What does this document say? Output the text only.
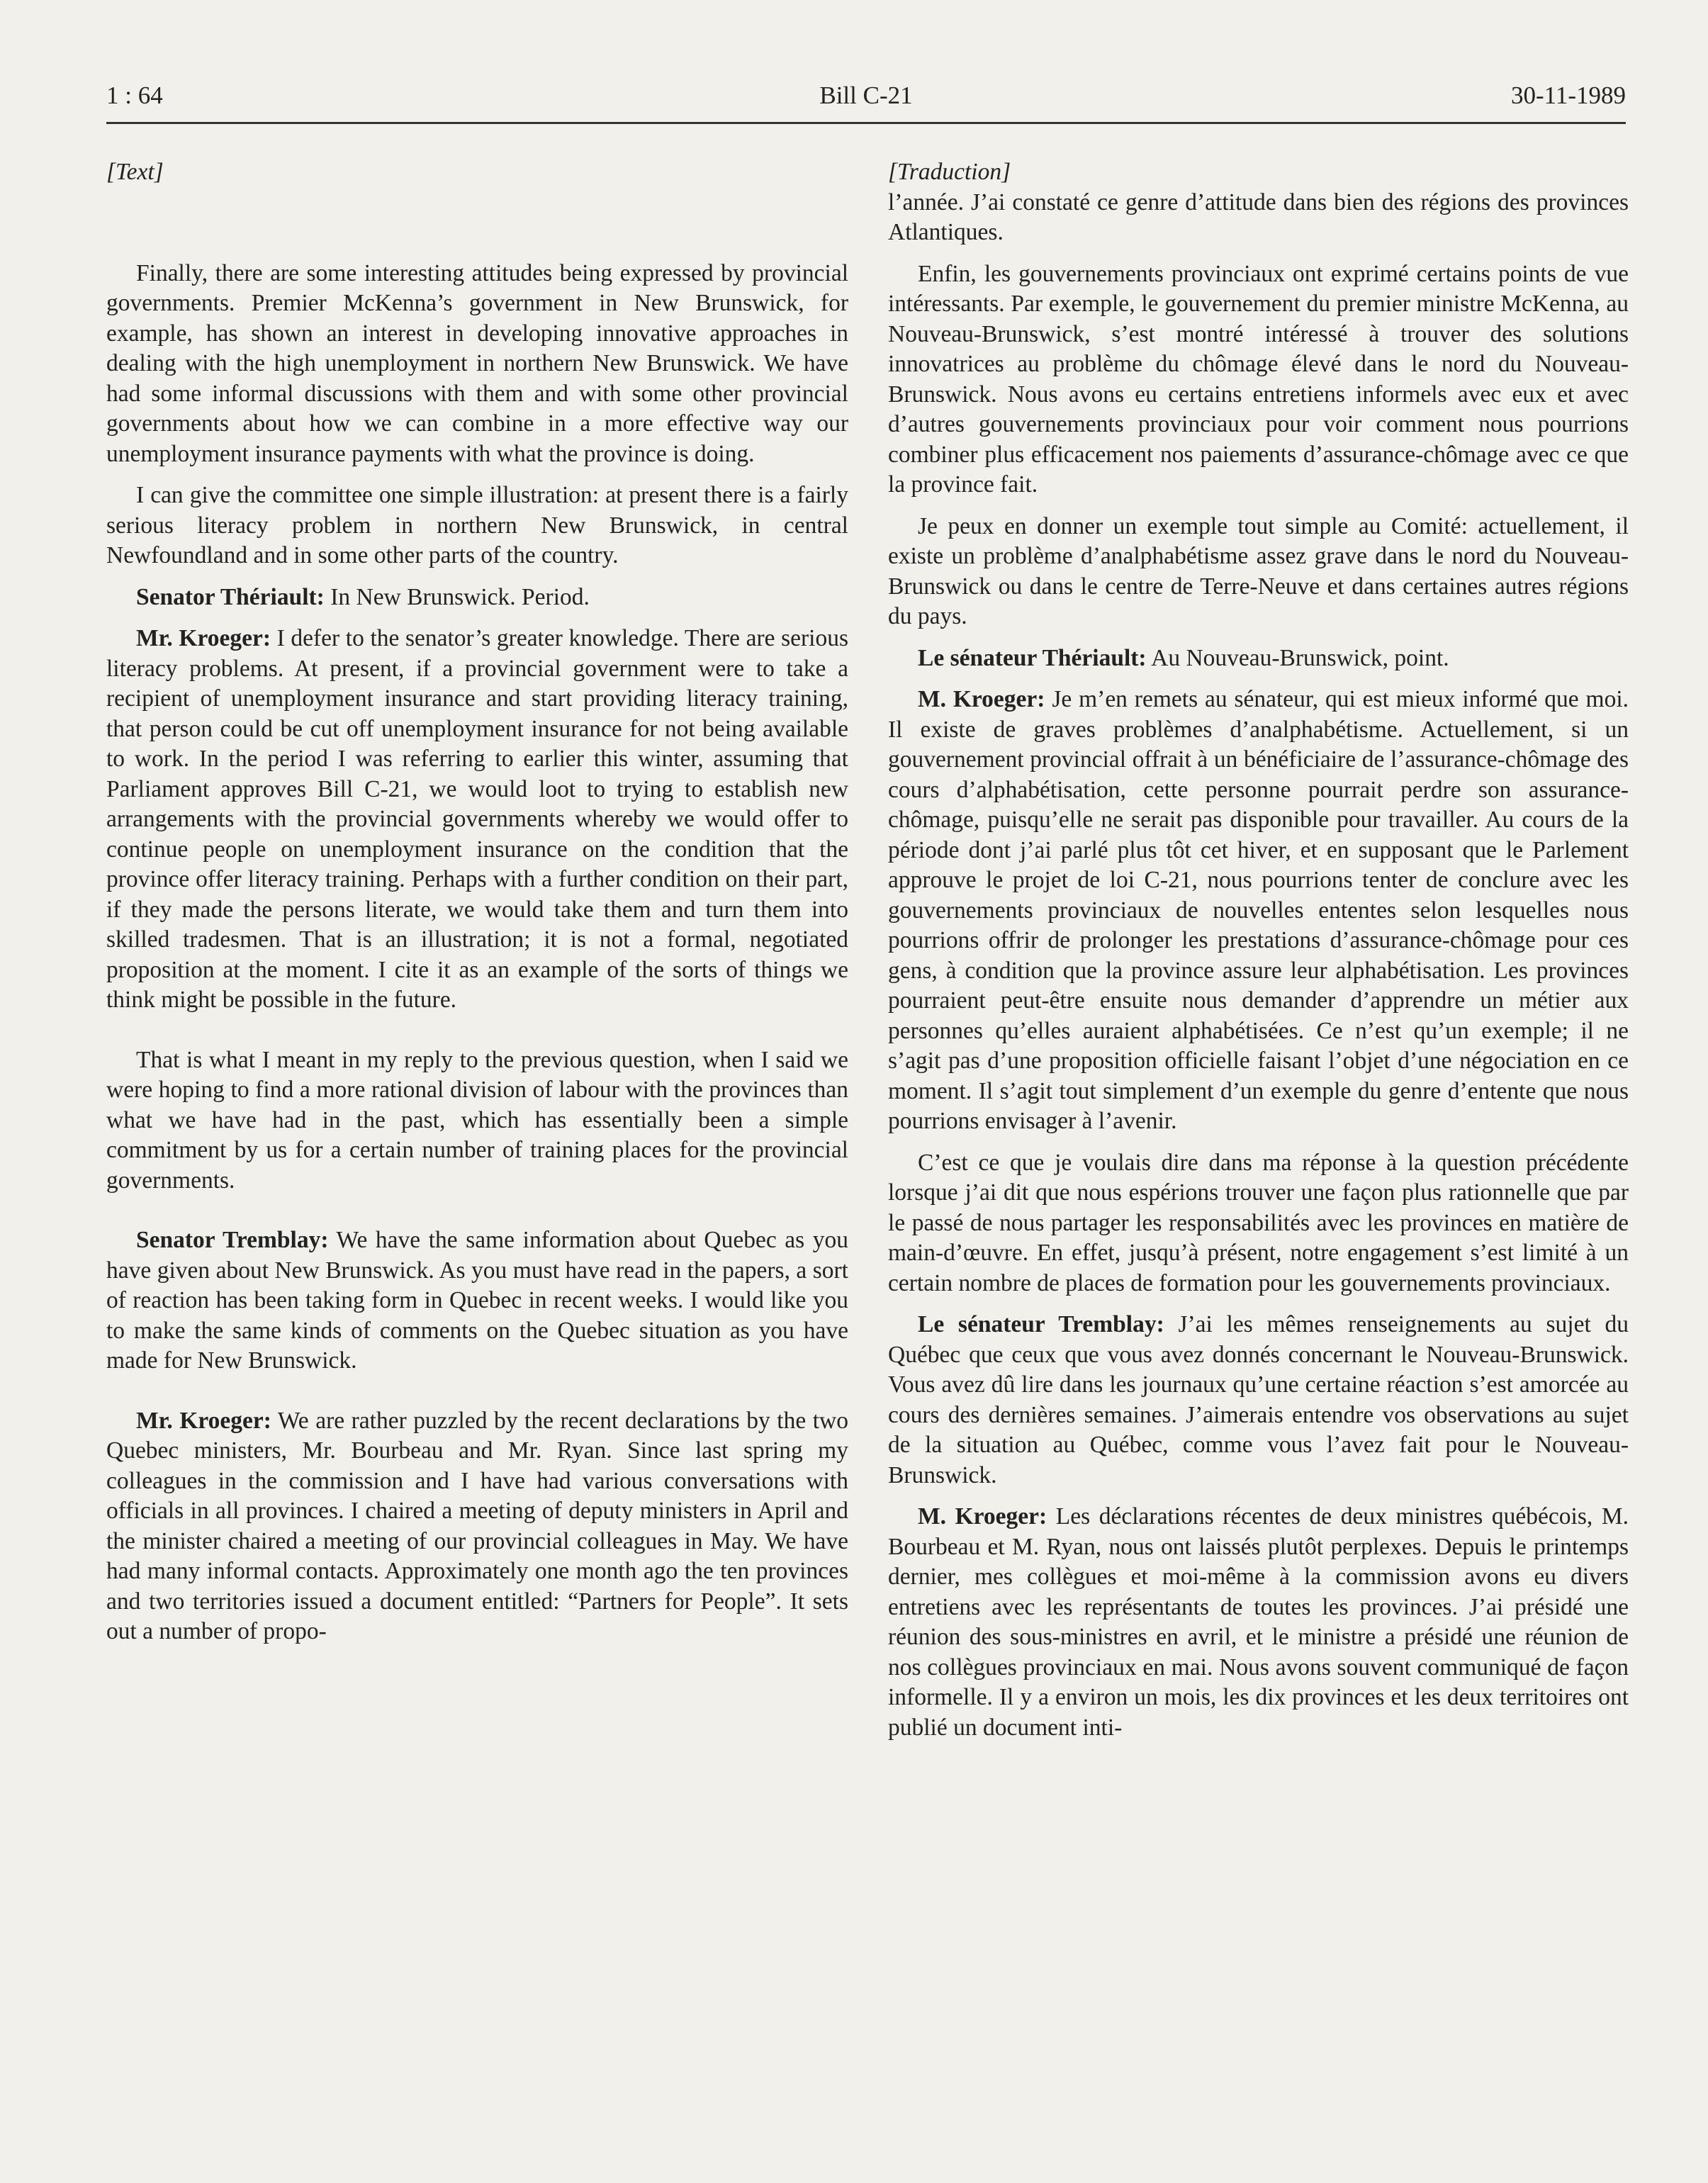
1 : 64	Bill C-21	30-11-1989

[Text]

Finally, there are some interesting attitudes being expressed by provincial governments. Premier McKenna’s government in New Brunswick, for example, has shown an interest in developing innovative approaches in dealing with the high unemployment in northern New Brunswick. We have had some informal discussions with them and with some other provincial governments about how we can combine in a more effective way our unemployment insurance payments with what the province is doing.

I can give the committee one simple illustration: at present there is a fairly serious literacy problem in northern New Brunswick, in central Newfoundland and in some other parts of the country.

Senator Thériault: In New Brunswick. Period.

Mr. Kroeger: I defer to the senator’s greater knowledge. There are serious literacy problems. At present, if a provincial government were to take a recipient of unemployment insurance and start providing literacy training, that person could be cut off unemployment insurance for not being available to work. In the period I was referring to earlier this winter, assuming that Parliament approves Bill C-21, we would loot to trying to establish new arrangements with the provincial governments whereby we would offer to continue people on unemployment insurance on the condition that the province offer literacy training. Perhaps with a further condition on their part, if they made the persons literate, we would take them and turn them into skilled tradesmen. That is an illustration; it is not a formal, negotiated proposition at the moment. I cite it as an example of the sorts of things we think might be possible in the future.

That is what I meant in my reply to the previous question, when I said we were hoping to find a more rational division of labour with the provinces than what we have had in the past, which has essentially been a simple commitment by us for a certain number of training places for the provincial governments.

Senator Tremblay: We have the same information about Quebec as you have given about New Brunswick. As you must have read in the papers, a sort of reaction has been taking form in Quebec in recent weeks. I would like you to make the same kinds of comments on the Quebec situation as you have made for New Brunswick.

Mr. Kroeger: We are rather puzzled by the recent declarations by the two Quebec ministers, Mr. Bourbeau and Mr. Ryan. Since last spring my colleagues in the commission and I have had various conversations with officials in all provinces. I chaired a meeting of deputy ministers in April and the minister chaired a meeting of our provincial colleagues in May. We have had many informal contacts. Approximately one month ago the ten provinces and two territories issued a document entitled: “Partners for People”. It sets out a number of propo-

[Traduction]

l’année. J’ai constaté ce genre d’attitude dans bien des régions des provinces Atlantiques.

Enfin, les gouvernements provinciaux ont exprimé certains points de vue intéressants. Par exemple, le gouvernement du premier ministre McKenna, au Nouveau-Brunswick, s’est montré intéressé à trouver des solutions innovatrices au problème du chômage élevé dans le nord du Nouveau-Brunswick. Nous avons eu certains entretiens informels avec eux et avec d’autres gouvernements provinciaux pour voir comment nous pourrions combiner plus efficacement nos paiements d’assurance-chômage avec ce que la province fait.

Je peux en donner un exemple tout simple au Comité: actuellement, il existe un problème d’analphabétisme assez grave dans le nord du Nouveau-Brunswick ou dans le centre de Terre-Neuve et dans certaines autres régions du pays.

Le sénateur Thériault: Au Nouveau-Brunswick, point.

M. Kroeger: Je m’en remets au sénateur, qui est mieux informé que moi. Il existe de graves problèmes d’analphabétisme. Actuellement, si un gouvernement provincial offrait à un bénéficiaire de l’assurance-chômage des cours d’alphabétisation, cette personne pourrait perdre son assurance-chômage, puisqu’elle ne serait pas disponible pour travailler. Au cours de la période dont j’ai parlé plus tôt cet hiver, et en supposant que le Parlement approuve le projet de loi C-21, nous pourrions tenter de conclure avec les gouvernements provinciaux de nouvelles ententes selon lesquelles nous pourrions offrir de prolonger les prestations d’assurance-chômage pour ces gens, à condition que la province assure leur alphabétisation. Les provinces pourraient peut-être ensuite nous demander d’apprendre un métier aux personnes qu’elles auraient alphabétisées. Ce n’est qu’un exemple; il ne s’agit pas d’une proposition officielle faisant l’objet d’une négociation en ce moment. Il s’agit tout simplement d’un exemple du genre d’entente que nous pourrions envisager à l’avenir.

C’est ce que je voulais dire dans ma réponse à la question précédente lorsque j’ai dit que nous espérions trouver une façon plus rationnelle que par le passé de nous partager les responsabilités avec les provinces en matière de main-d’œuvre. En effet, jusqu’à présent, notre engagement s’est limité à un certain nombre de places de formation pour les gouvernements provinciaux.

Le sénateur Tremblay: J’ai les mêmes renseignements au sujet du Québec que ceux que vous avez donnés concernant le Nouveau-Brunswick. Vous avez dû lire dans les journaux qu’une certaine réaction s’est amorcée au cours des dernières semaines. J’aimerais entendre vos observations au sujet de la situation au Québec, comme vous l’avez fait pour le Nouveau-Brunswick.

M. Kroeger: Les déclarations récentes de deux ministres québécois, M. Bourbeau et M. Ryan, nous ont laissés plutôt perplexes. Depuis le printemps dernier, mes collègues et moi-même à la commission avons eu divers entretiens avec les représentants de toutes les provinces. J’ai présidé une réunion des sous-ministres en avril, et le ministre a présidé une réunion de nos collègues provinciaux en mai. Nous avons souvent communiqué de façon informelle. Il y a environ un mois, les dix provinces et les deux territoires ont publié un document inti-
